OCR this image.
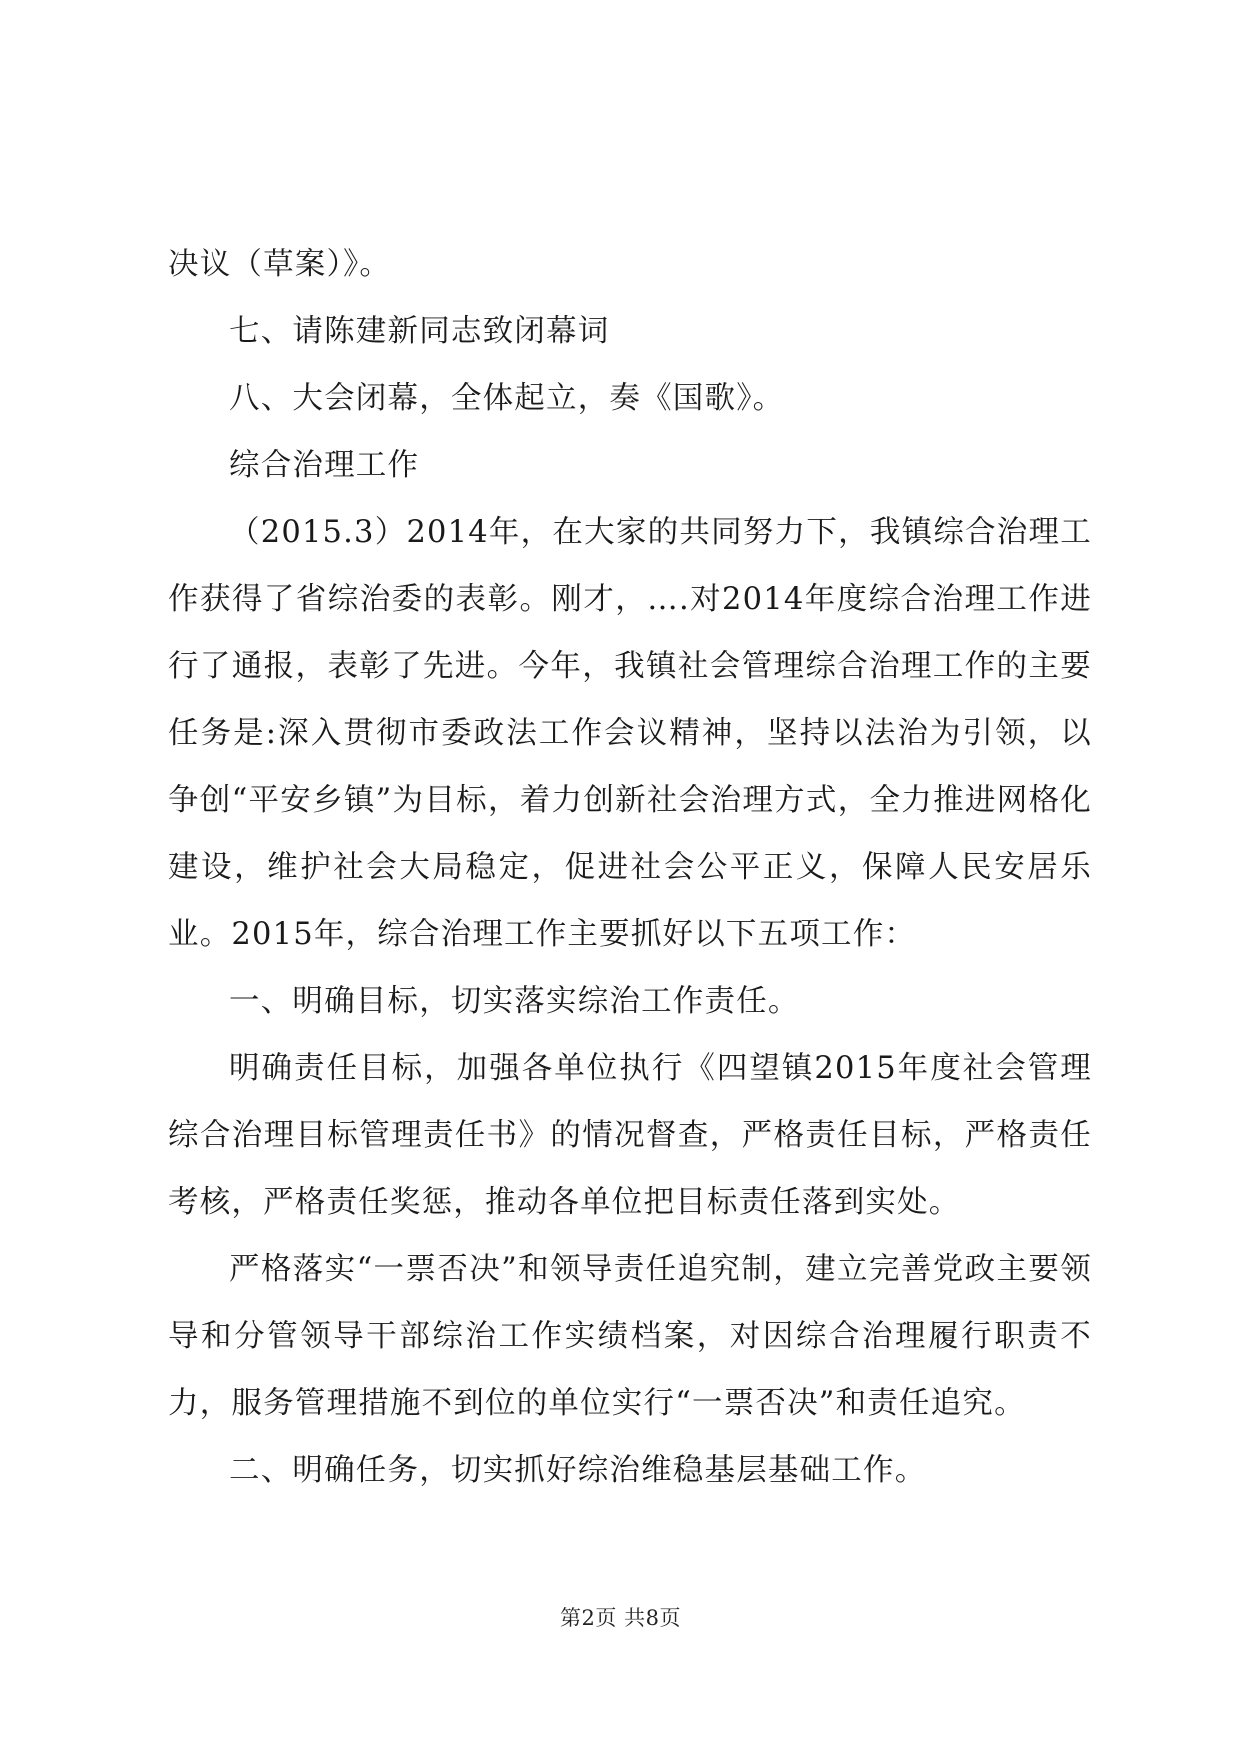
决议（草案）》。

七、请陈建新同志致闭幕词

八、大会闭幕，全体起立，奏《国歌》。

综合治理工作

（2015.3）2014年，在大家的共同努力下，我镇综合治理工作获得了省综治委的表彰。刚才，….对2014年度综合治理工作进行了通报，表彰了先进。今年，我镇社会管理综合治理工作的主要任务是:深入贯彻市委政法工作会议精神，坚持以法治为引领，以争创“平安乡镇”为目标，着力创新社会治理方式，全力推进网格化建设，维护社会大局稳定，促进社会公平正义，保障人民安居乐业。2015年，综合治理工作主要抓好以下五项工作：

一、明确目标，切实落实综治工作责任。

明确责任目标，加强各单位执行《四望镇2015年度社会管理综合治理目标管理责任书》的情况督查，严格责任目标，严格责任考核，严格责任奖惩，推动各单位把目标责任落到实处。

严格落实“一票否决”和领导责任追究制，建立完善党政主要领导和分管领导干部综治工作实绩档案，对因综合治理履行职责不力，服务管理措施不到位的单位实行“一票否决”和责任追究。

二、明确任务，切实抓好综治维稳基层基础工作。

第2页 共8页
